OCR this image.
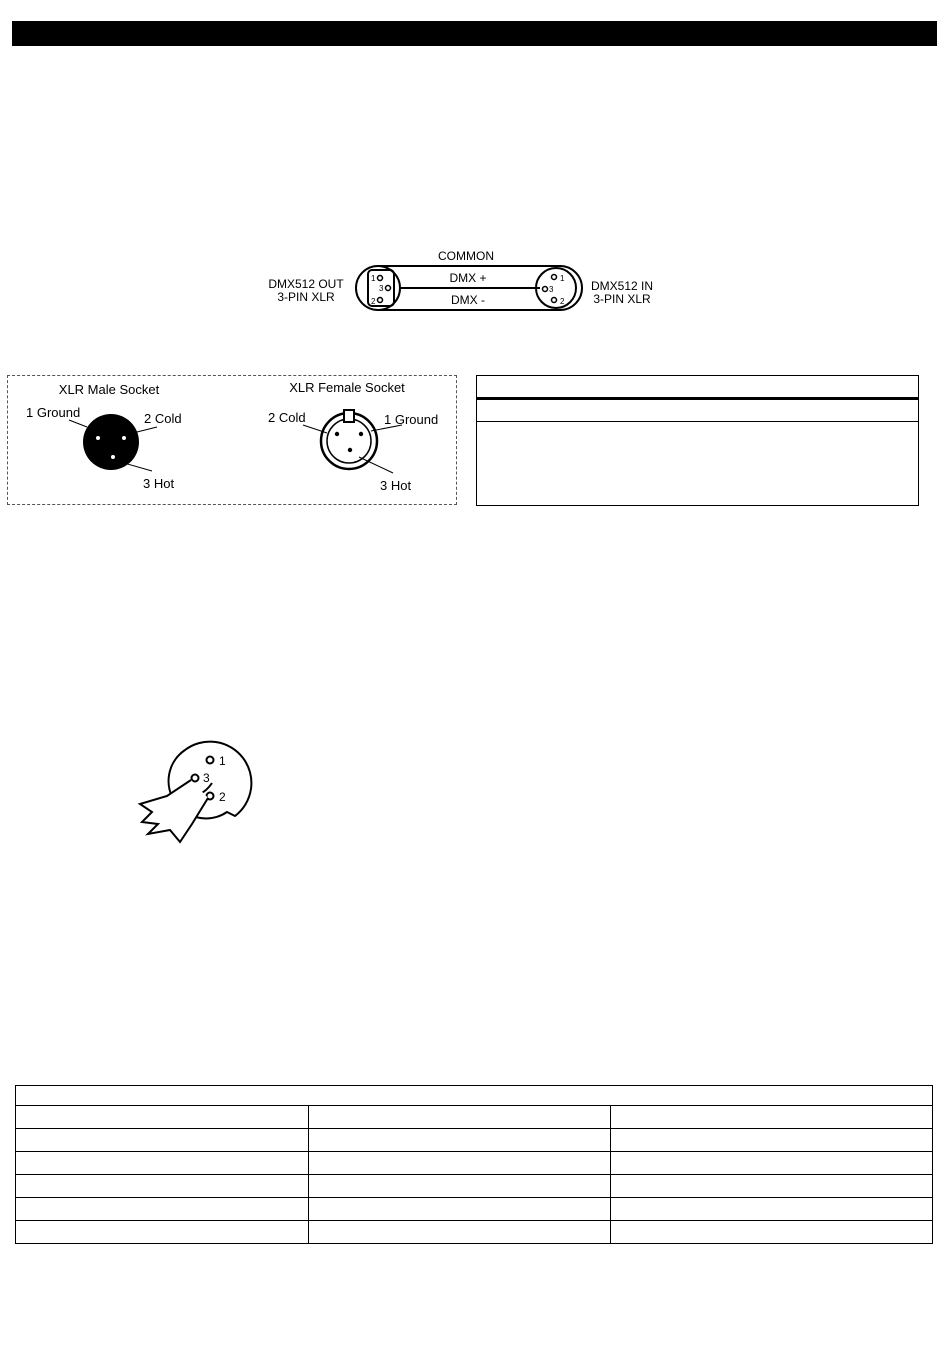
COMMON
DMX512 OUT
3-PIN XLR
DMX512 IN
3-PIN XLR
DMX +
DMX -
1
3
2
1
3
2
XLR Male Socket
1 Ground	2 Cold
3 Hot
XLR Female Socket
2 Cold	1 Ground
3 Hot
1
3
2
